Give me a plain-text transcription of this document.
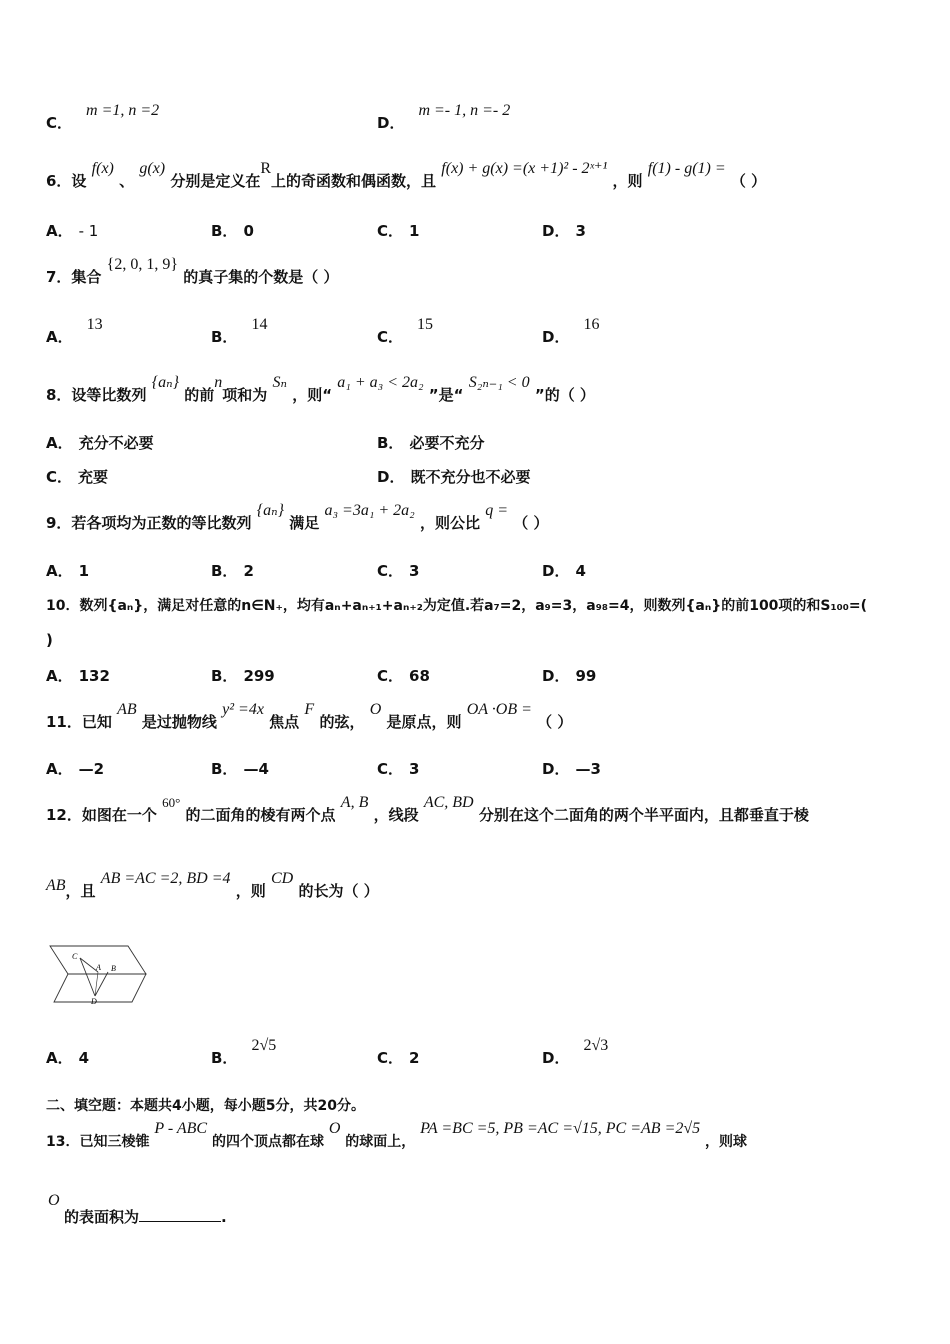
C．m =1, n =2
D．m =- 1, n =- 2
6．设 f(x) 、 g(x) 分别是定义在R上的奇函数和偶函数，且 f(x) + g(x) =(x +1)² - 2ˣ⁺¹ ，则 f(1) - g(1) = （ ）
A． - 1	B． 0	C． 1	D． 3
7．集合 {2, 0, 1, 9} 的真子集的个数是（ ）
A．13
B．14
C．15
D．16
8．设等比数列 {aₙ} 的前n项和为 Sₙ ，则“ a₁ + a₃ < 2a₂ ”是“ S₂ₙ₋₁ < 0 ”的（ ）
A． 充分不必要	B． 必要不充分
C． 充要	D． 既不充分也不必要
9．若各项均为正数的等比数列 {aₙ} 满足 a₃ =3a₁ + 2a₂ ，则公比 q = （ ）
A． 1	B． 2	C． 3	D． 4
10．数列{aₙ}，满足对任意的n∈N₊，均有aₙ+aₙ₊₁+aₙ₊₂为定值.若a₇=2，a₉=3，a₉₈=4，则数列{aₙ}的前100项的和S₁₀₀=(
)
A． 132	B． 299	C． 68	D． 99
11．已知 AB 是过抛物线 y² =4x 焦点 F 的弦， O 是原点，则 OA ·OB = （ ）
A． —2	B． —4	C． 3	D． —3
12．如图在一个 60° 的二面角的棱有两个点 A, B ，线段 AC, BD 分别在这个二面角的两个半平面内，且都垂直于棱
AB，且 AB =AC =2, BD =4 ，则 CD 的长为（ ）
C
A B
D
A． 4	B．2√5
C． 2	D．2√3
二、填空题：本题共4小题，每小题5分，共20分。
13．已知三棱锥 P - ABC 的四个顶点都在球 O 的球面上， PA =BC =5, PB =AC =√15, PC =AB =2√5 ，则球
O
的表面积为	.
